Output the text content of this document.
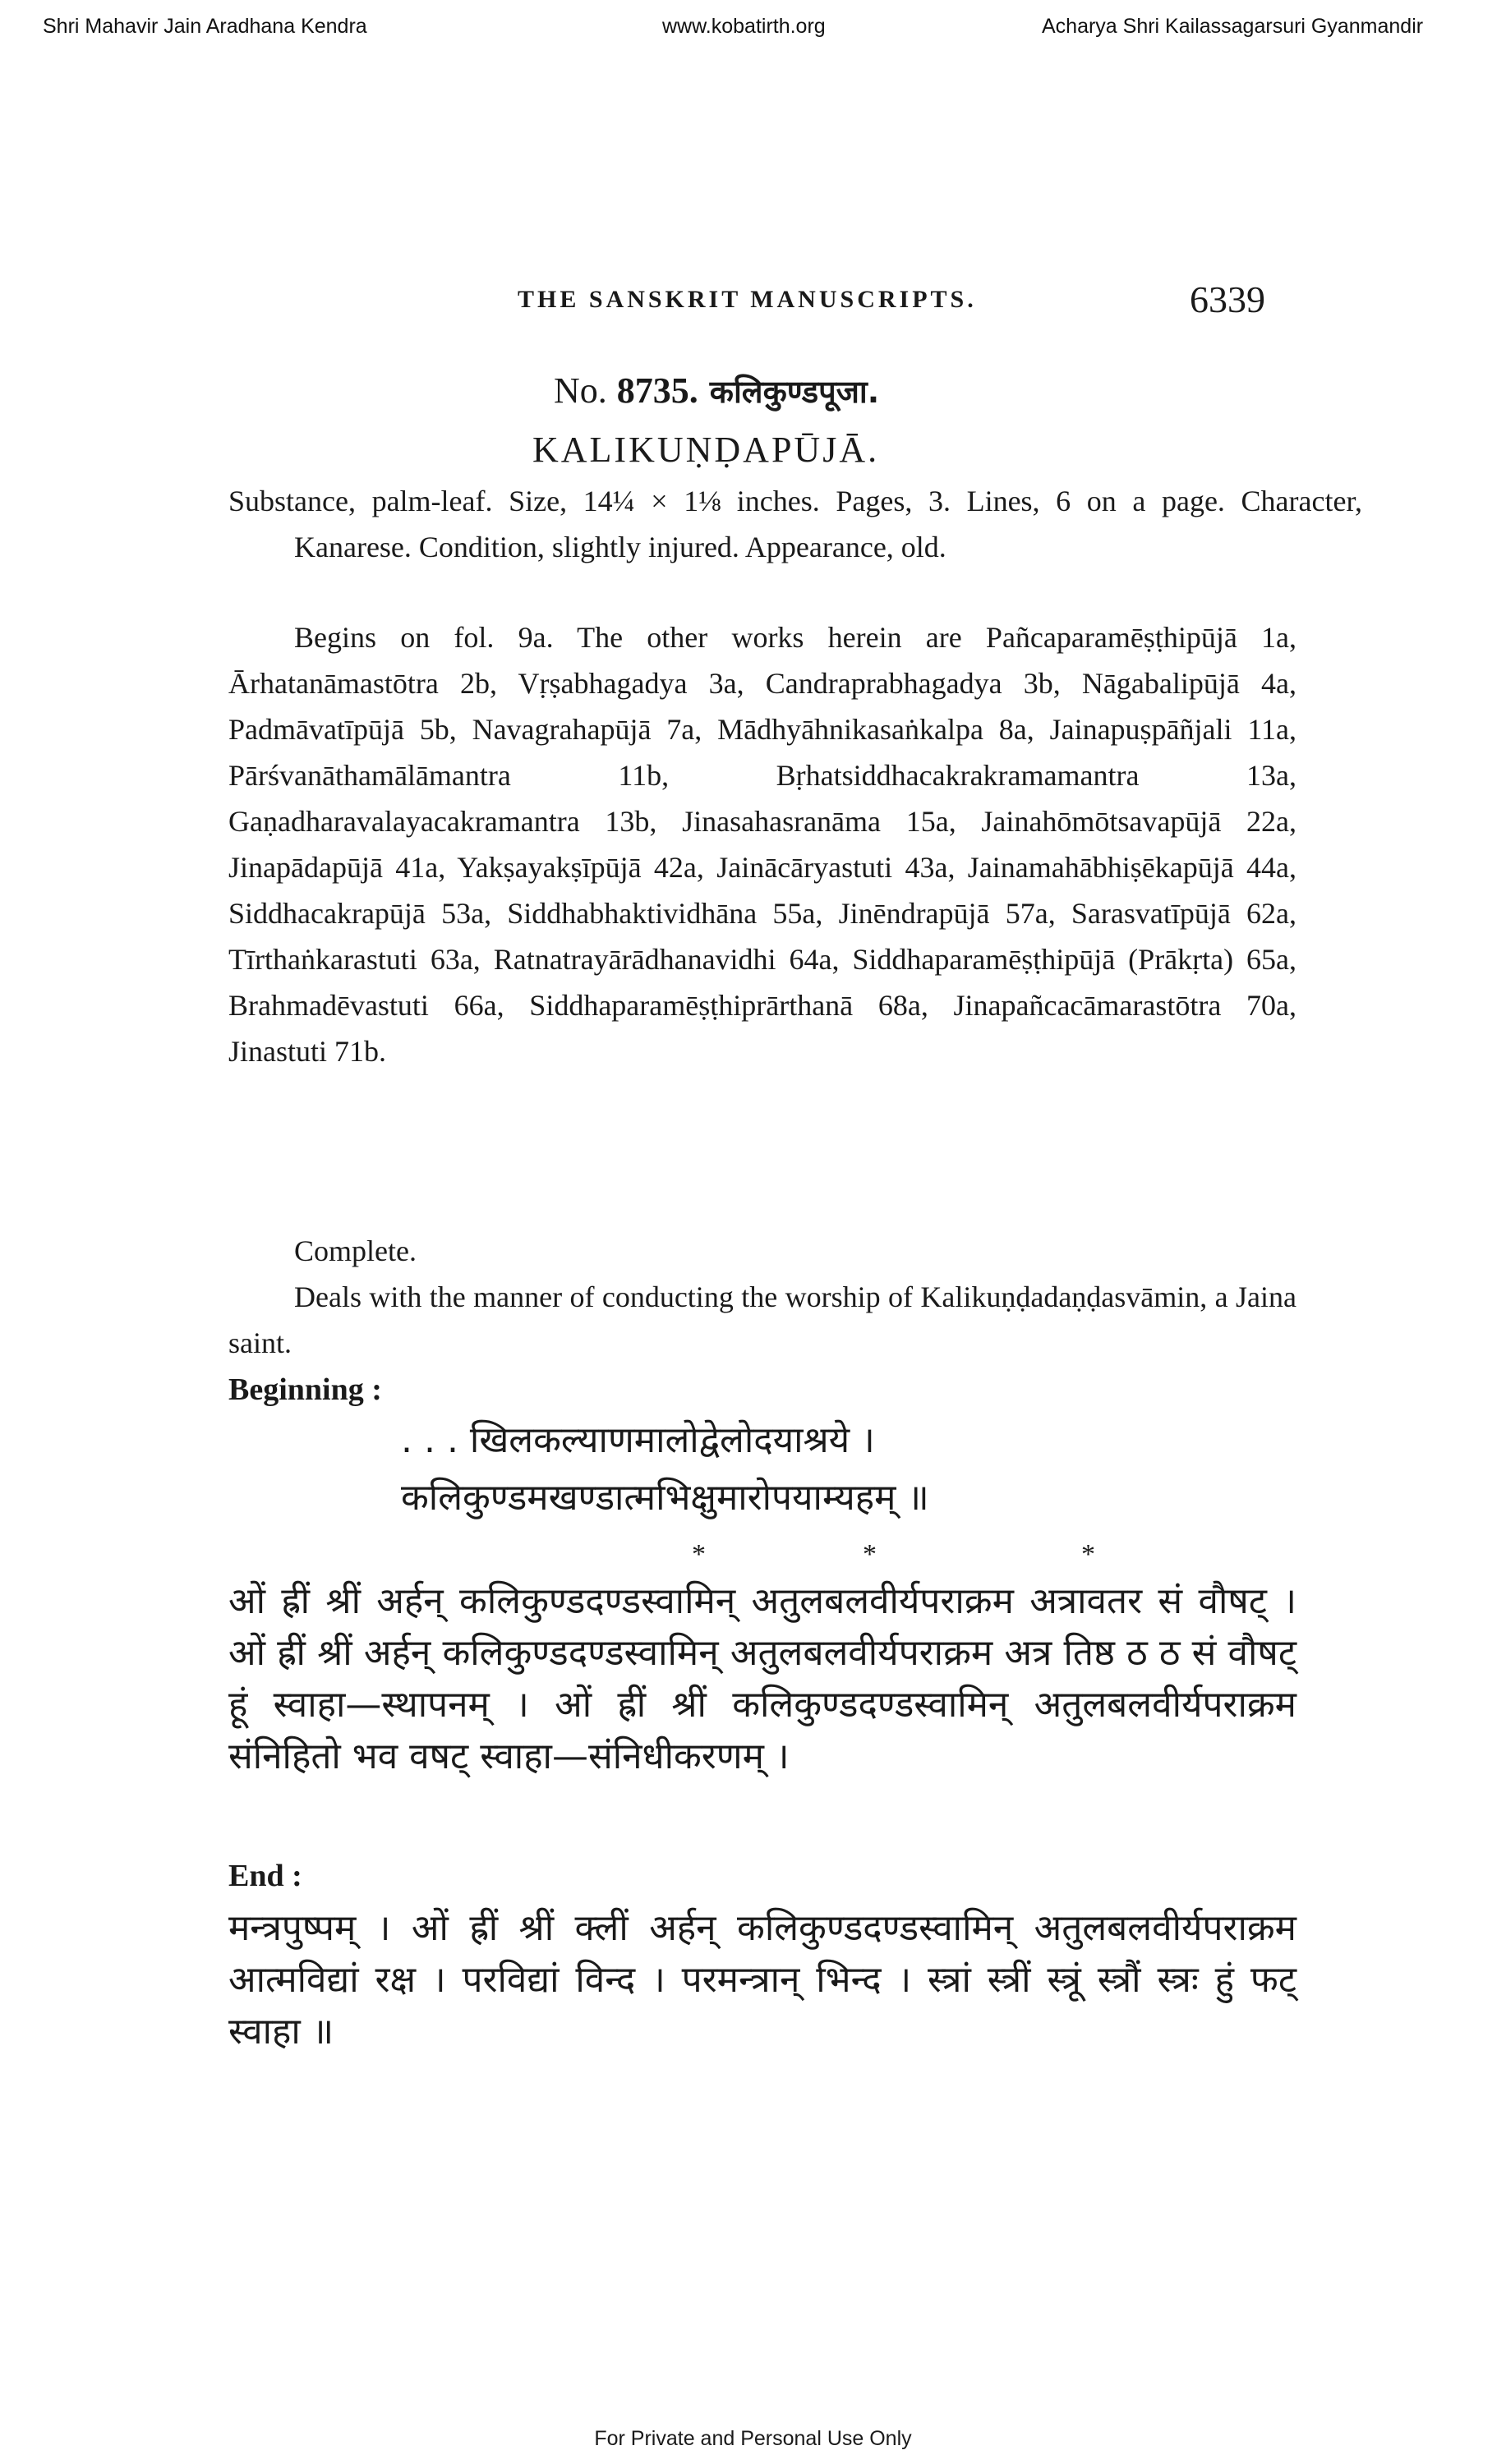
Shri Mahavir Jain Aradhana Kendra	www.kobatirth.org	Acharya Shri Kailassagarsuri Gyanmandir
THE SANSKRIT MANUSCRIPTS.	6339
No. 8735. कलिकुण्डपूजा.
KALIKUṆḌAPŪJĀ.
Substance, palm-leaf. Size, 14¼ × 1⅛ inches. Pages, 3. Lines, 6 on a page. Character, Kanarese. Condition, slightly injured. Appearance, old.
Begins on fol. 9a. The other works herein are Pañcaparamēṣṭhipūjā 1a, Ārhatanāmastōtra 2b, Vṛṣabhagadya 3a, Candraprabhagadya 3b, Nāgabalipūjā 4a, Padmāvatīpūjā 5b, Navagrahapūjā 7a, Mādhyāhnikasaṅkalpa 8a, Jainapuṣpāñjali 11a, Pārśvanāthamālāmantra 11b, Bṛhatsiddhacakrakramamantra 13a, Gaṇadharavalayacakramantra 13b, Jinasahasranāma 15a, Jainahōmōtsavapūjā 22a, Jinapādapūjā 41a, Yakṣayakṣīpūjā 42a, Jainācāryastuti 43a, Jainamahābhiṣēkapūjā 44a, Siddhacakrapūjā 53a, Siddhabhaktividhāna 55a, Jinēndrapūjā 57a, Sarasvatīpūjā 62a, Tīrthaṅkarastuti 63a, Ratnatrayārādhanavidhi 64a, Siddhaparamēṣṭhipūjā (Prākṛta) 65a, Brahmadēvastuti 66a, Siddhaparamēṣṭhiprārthanā 68a, Jinapañcacāmarastōtra 70a, Jinastuti 71b.
Complete.
Deals with the manner of conducting the worship of Kalikuṇḍadaṇḍasvāmin, a Jaina saint.
Beginning :
. . . खिलकल्याणमालोद्वेलोदयाश्रये ।
कलिकुण्डमखण्डात्मभिक्षुमारोपयाम्यहम् ॥
*	*	*
ओं ह्रीं श्रीं अर्हन् कलिकुण्डदण्डस्वामिन् अतुलबलवीर्यपराक्रम अत्रावतर सं वौषट् । ओं ह्रीं श्रीं अर्हन् कलिकुण्डदण्डस्वामिन् अतुलबलवीर्यपराक्रम अत्र तिष्ठ ठ ठ सं वौषट् हूं स्वाहा—स्थापनम् । ओं ह्रीं श्रीं कलिकुण्डदण्डस्वामिन् अतुलबलवीर्यपराक्रम संनिहितो भव वषट् स्वाहा—संनिधीकरणम् ।
End :
मन्त्रपुष्पम् । ओं ह्रीं श्रीं क्लीं अर्हन् कलिकुण्डदण्डस्वामिन् अतुलबलवीर्यपराक्रम आत्मविद्यां रक्ष । परविद्यां विन्द । परमन्त्रान् भिन्द । स्त्रां स्त्रीं स्त्रूं स्त्रौं स्त्रः हुं फट् स्वाहा ॥
For Private and Personal Use Only
